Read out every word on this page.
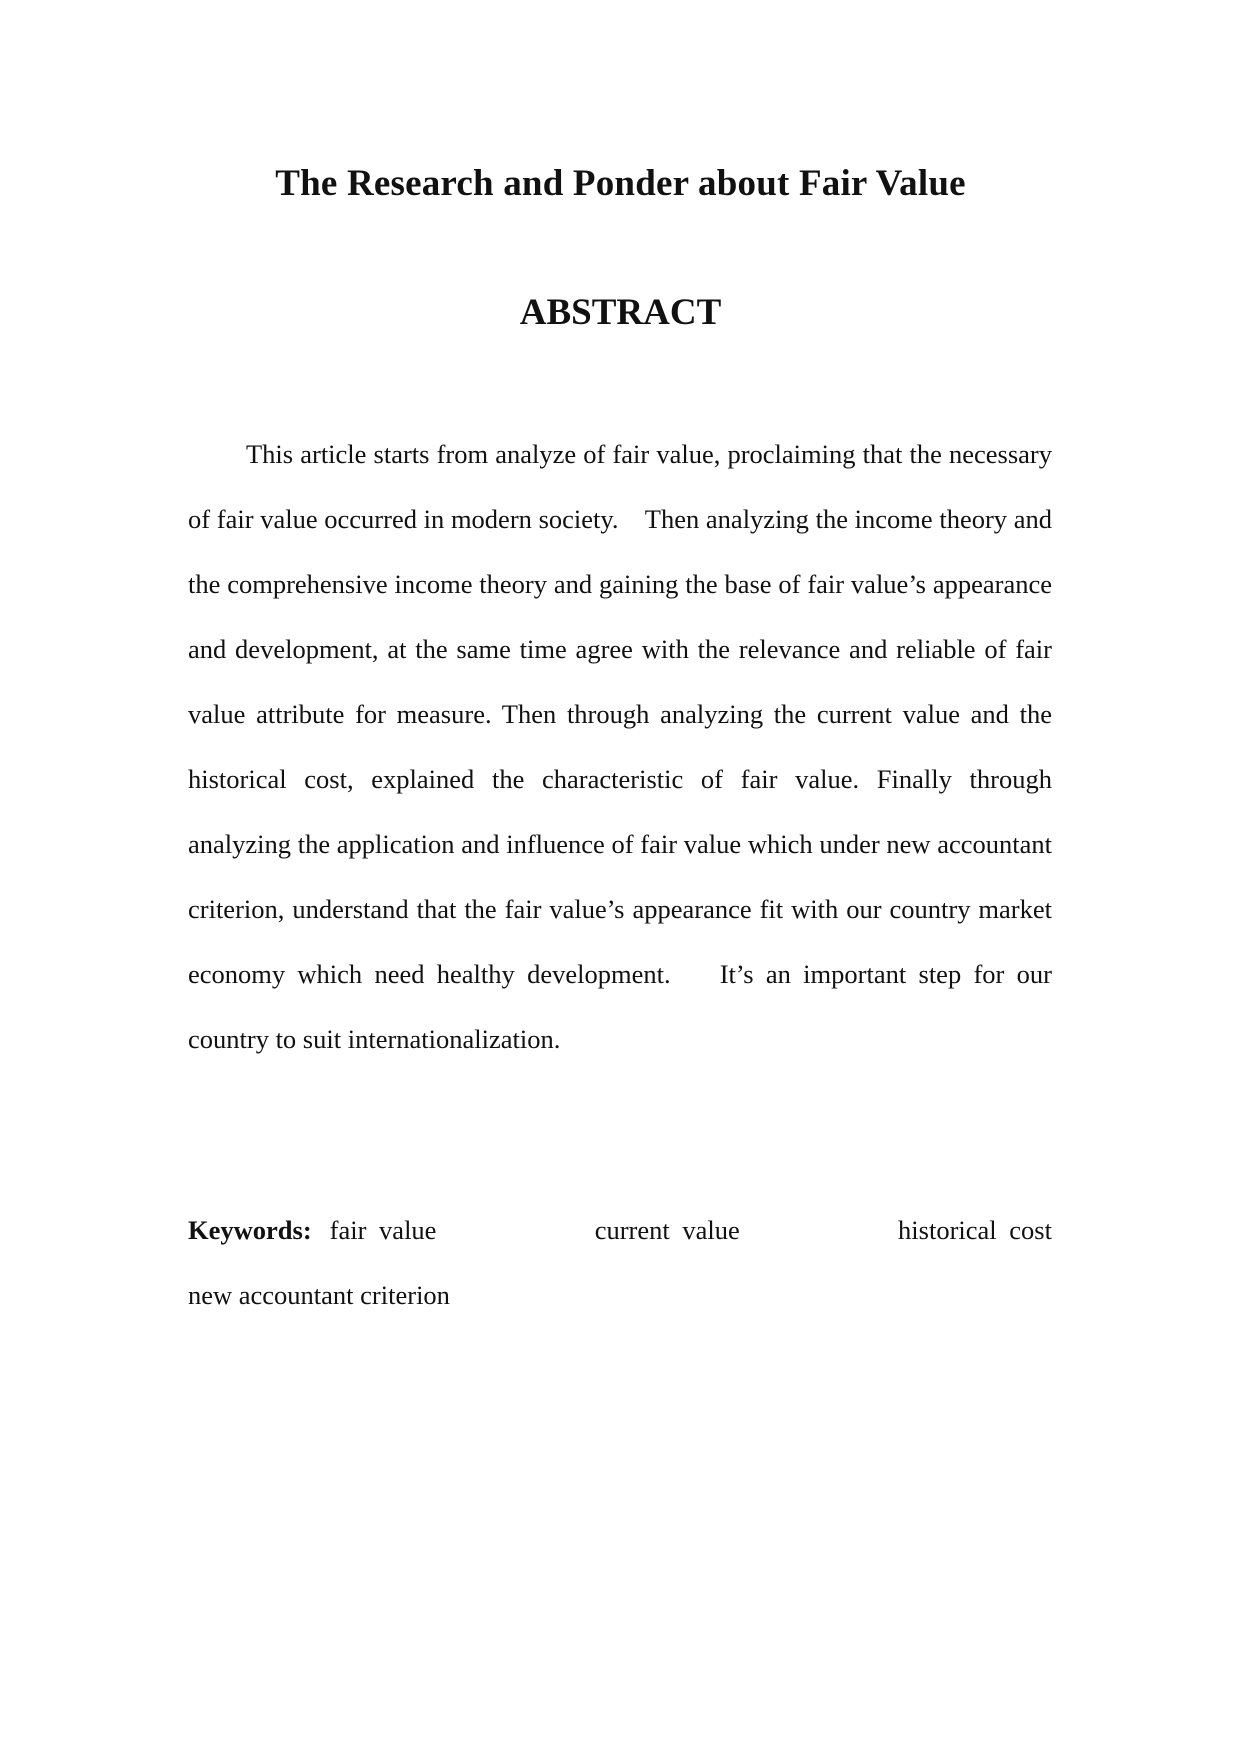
The Research and Ponder about Fair Value
ABSTRACT

This article starts from analyze of fair value, proclaiming that the necessary of fair value occurred in modern society.    Then analyzing the income theory and the comprehensive income theory and gaining the base of fair value’s appearance and development, at the same time agree with the relevance and reliable of fair value attribute for measure. Then through analyzing the current value and the historical cost, explained the characteristic of fair value. Finally through analyzing the application and influence of fair value which under new accountant criterion, understand that the fair value’s appearance fit with our country market economy which need healthy development.    It’s an important step for our country to suit internationalization.

Keywords: fair value	current value	historical cost
new accountant criterion
